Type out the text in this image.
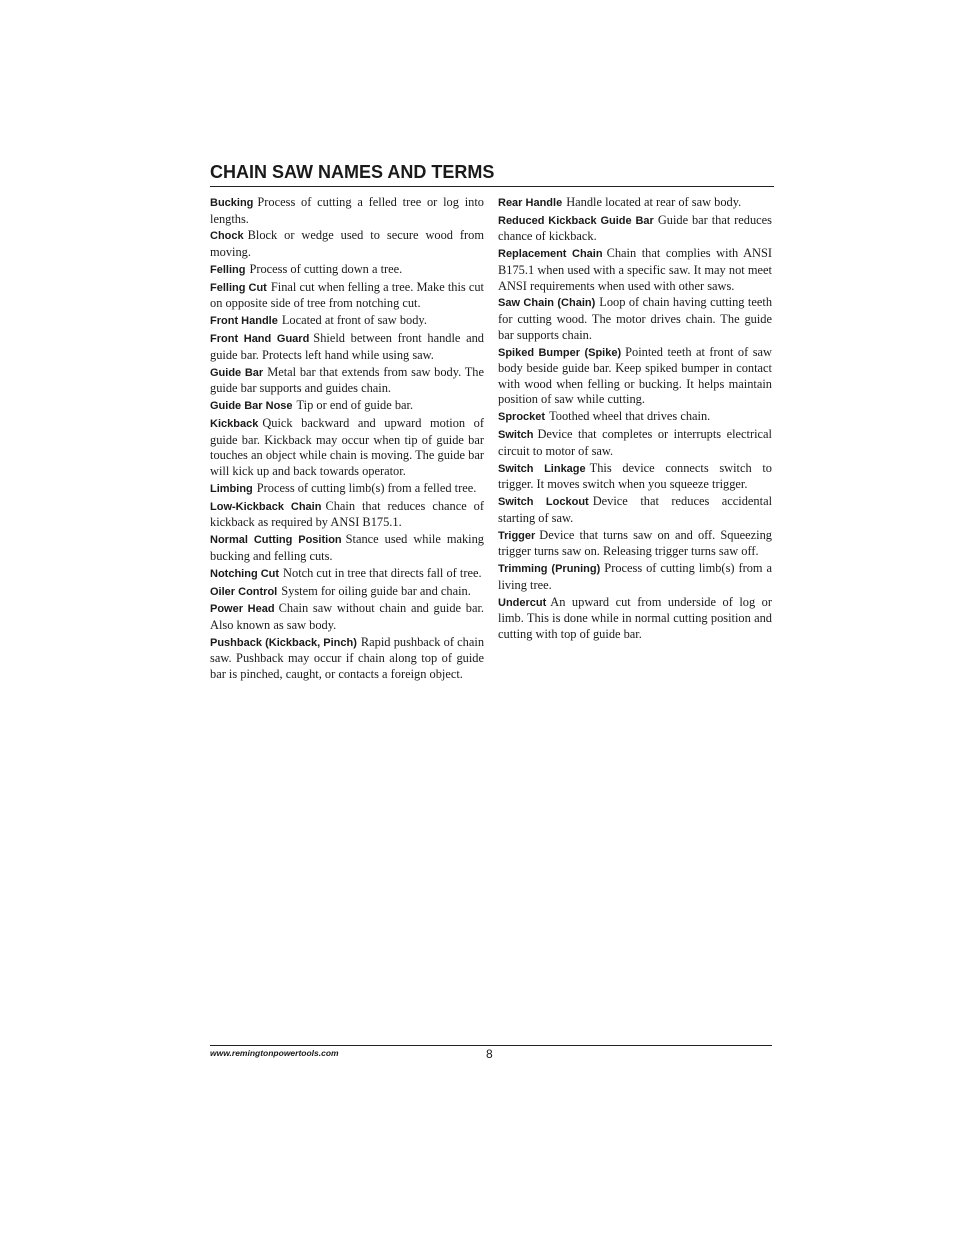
CHAIN SAW NAMES AND TERMS

Bucking Process of cutting a felled tree or log into lengths.

Chock Block or wedge used to secure wood from moving.

Felling Process of cutting down a tree.

Felling Cut Final cut when felling a tree. Make this cut on opposite side of tree from notching cut.

Front Handle Located at front of saw body.

Front Hand Guard Shield between front handle and guide bar. Protects left hand while using saw.

Guide Bar Metal bar that extends from saw body. The guide bar supports and guides chain.

Guide Bar Nose Tip or end of guide bar.

Kickback Quick backward and upward motion of guide bar. Kickback may occur when tip of guide bar touches an object while chain is moving. The guide bar will kick up and back towards operator.

Limbing Process of cutting limb(s) from a felled tree.

Low-Kickback Chain Chain that reduces chance of kickback as required by ANSI B175.1.

Normal Cutting Position Stance used while making bucking and felling cuts.

Notching Cut Notch cut in tree that directs fall of tree.

Oiler Control System for oiling guide bar and chain.

Power Head Chain saw without chain and guide bar. Also known as saw body.

Pushback (Kickback, Pinch) Rapid pushback of chain saw. Pushback may occur if chain along top of guide bar is pinched, caught, or contacts a foreign object.

Rear Handle Handle located at rear of saw body.

Reduced Kickback Guide Bar Guide bar that reduces chance of kickback.

Replacement Chain Chain that complies with ANSI B175.1 when used with a specific saw. It may not meet ANSI requirements when used with other saws.

Saw Chain (Chain) Loop of chain having cutting teeth for cutting wood. The motor drives chain. The guide bar supports chain.

Spiked Bumper (Spike) Pointed teeth at front of saw body beside guide bar. Keep spiked bumper in contact with wood when felling or bucking. It helps maintain position of saw while cutting.

Sprocket Toothed wheel that drives chain.

Switch Device that completes or interrupts electrical circuit to motor of saw.

Switch Linkage This device connects switch to trigger. It moves switch when you squeeze trigger.

Switch Lockout Device that reduces accidental starting of saw.

Trigger Device that turns saw on and off. Squeezing trigger turns saw on. Releasing trigger turns saw off.

Trimming (Pruning) Process of cutting limb(s) from a living tree.

Undercut An upward cut from underside of log or limb. This is done while in normal cutting position and cutting with top of guide bar.

www.remingtonpowertools.com	8
